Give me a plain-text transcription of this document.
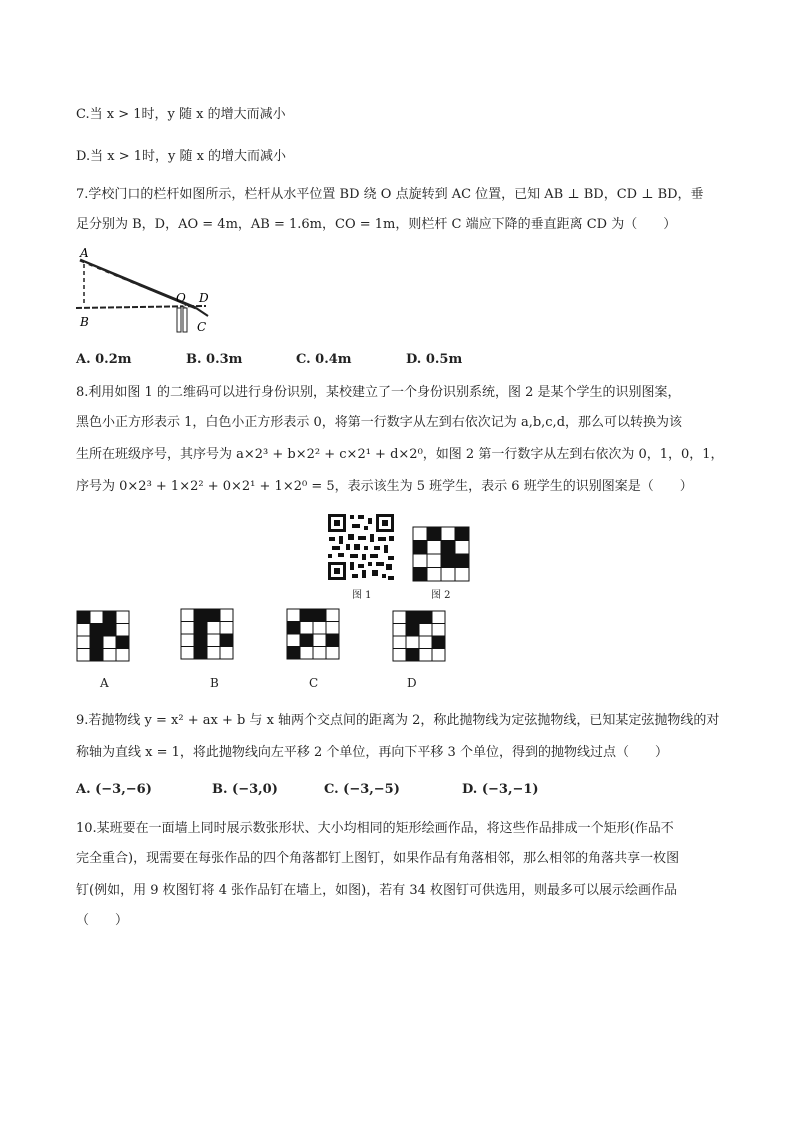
C.当 x > 1时，y 随 x 的增大而减小
D.当 x > 1时，y 随 x 的增大而减小
7.学校门口的栏杆如图所示，栏杆从水平位置 BD 绕 O 点旋转到 AC 位置，已知 AB ⊥ BD，CD ⊥ BD，垂
足分别为 B，D，AO = 4m，AB = 1.6m，CO = 1m，则栏杆 C 端应下降的垂直距离 CD 为（　　）
A
B
O D
C
A. 0.2m	B. 0.3m	C. 0.4m	D. 0.5m
8.利用如图 1 的二维码可以进行身份识别，某校建立了一个身份识别系统，图 2 是某个学生的识别图案，
黑色小正方形表示 1，白色小正方形表示 0，将第一行数字从左到右依次记为 a,b,c,d，那么可以转换为该
生所在班级序号，其序号为 a×2³ + b×2² + c×2¹ + d×2⁰，如图 2 第一行数字从左到右依次为 0，1，0，1，
序号为 0×2³ + 1×2² + 0×2¹ + 1×2⁰ = 5，表示该生为 5 班学生，表示 6 班学生的识别图案是（　　）
图 1	图 2
A	B	C	D
9.若抛物线 y = x² + ax + b 与 x 轴两个交点间的距离为 2，称此抛物线为定弦抛物线，已知某定弦抛物线的对
称轴为直线 x = 1，将此抛物线向左平移 2 个单位，再向下平移 3 个单位，得到的抛物线过点（　　）
A. (−3,−6)	B. (−3,0)	C. (−3,−5)	D. (−3,−1)
10.某班要在一面墙上同时展示数张形状、大小均相同的矩形绘画作品，将这些作品排成一个矩形(作品不
完全重合)，现需要在每张作品的四个角落都钉上图钉，如果作品有角落相邻，那么相邻的角落共享一枚图
钉(例如，用 9 枚图钉将 4 张作品钉在墙上，如图)，若有 34 枚图钉可供选用，则最多可以展示绘画作品
（　　）
